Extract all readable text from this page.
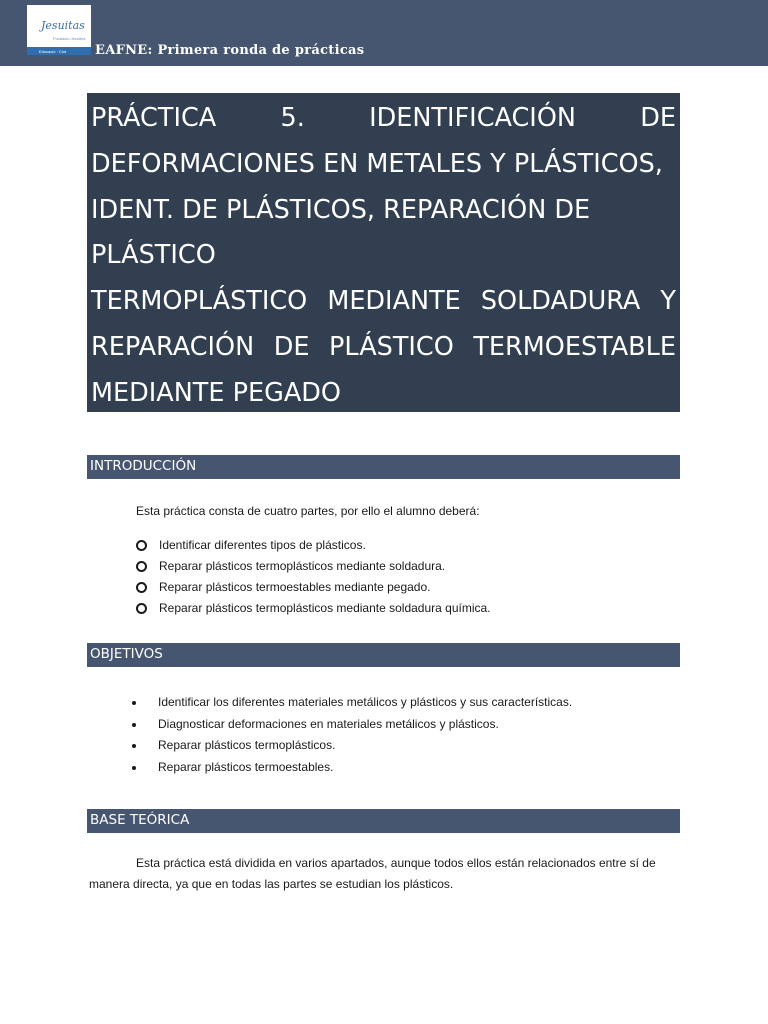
Jesuitas
Fundació Jesuïtes
Educació · Clot EAFNE: Primera ronda de prácticas
PRÁCTICA	5.	IDENTIFICACIÓN	DE
DEFORMACIONES EN METALES Y PLÁSTICOS,
IDENT. DE PLÁSTICOS, REPARACIÓN DE
PLÁSTICO
TERMOPLÁSTICO MEDIANTE SOLDADURA Y
REPARACIÓN DE PLÁSTICO TERMOESTABLE
MEDIANTE PEGADO
INTRODUCCIÓN
Esta práctica consta de cuatro partes, por ello el alumno deberá:
Identificar diferentes tipos de plásticos.
Reparar plásticos termoplásticos mediante soldadura.
Reparar plásticos termoestables mediante pegado.
Reparar plásticos termoplásticos mediante soldadura química.
OBJETIVOS
Identificar los diferentes materiales metálicos y plásticos y sus características.
Diagnosticar deformaciones en materiales metálicos y plásticos.
Reparar plásticos termoplásticos.
Reparar plásticos termoestables.
BASE TEÓRICA
Esta práctica está dividida en varios apartados, aunque todos ellos están relacionados entre sí de
manera directa, ya que en todas las partes se estudian los plásticos.
